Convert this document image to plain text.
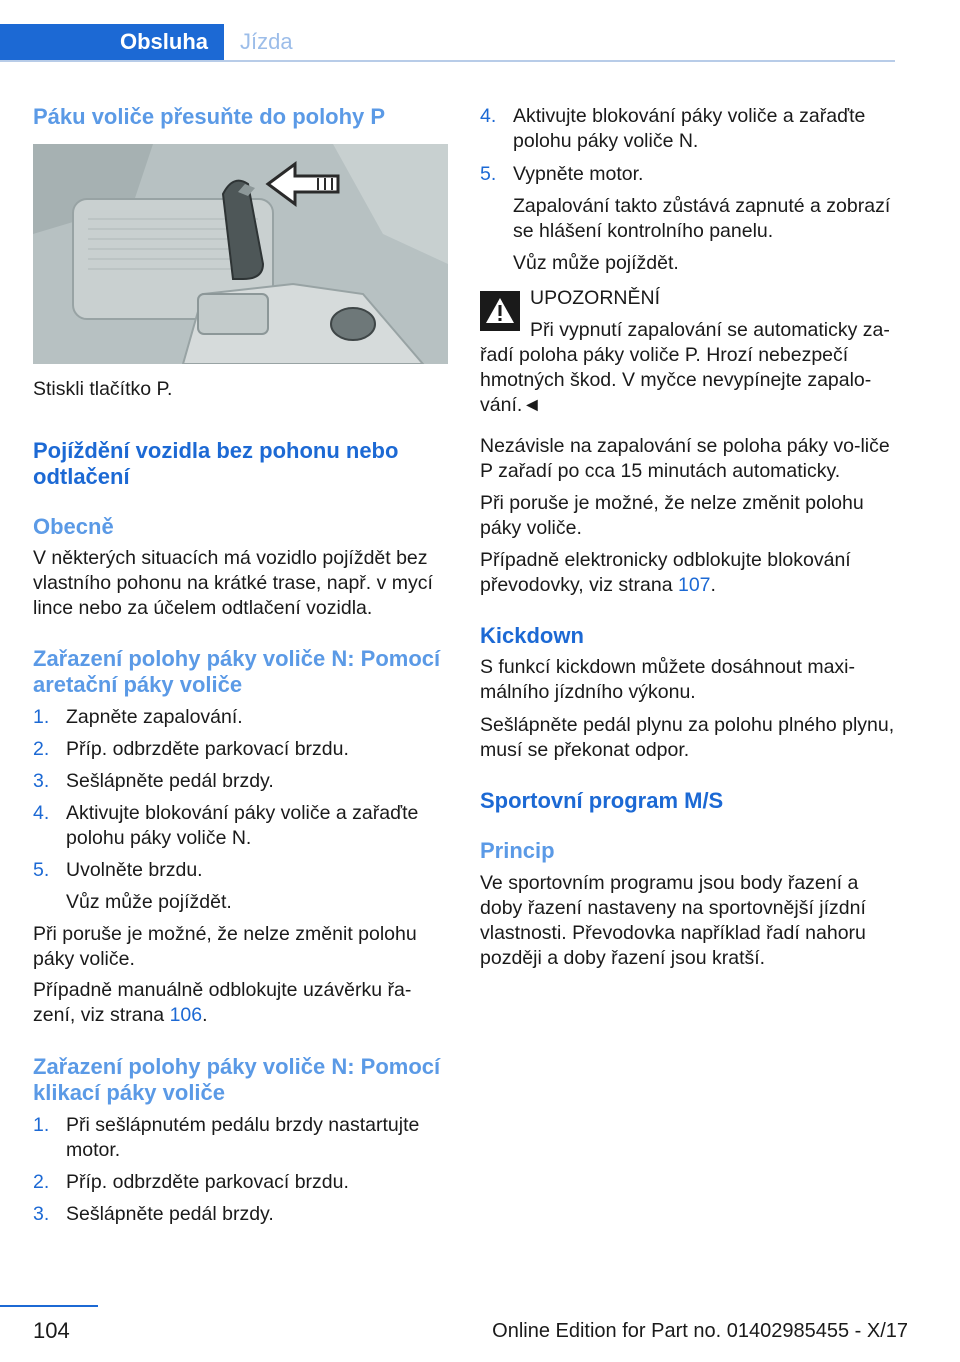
Obsluha	Jízda
Páku voliče přesuňte do polohy P
Stiskli tlačítko P.
Pojíždění vozidla bez pohonu nebo odtlačení
Obecně
V některých situacích má vozidlo pojíždět bez vlastního pohonu na krátké trase, např. v mycí lince nebo za účelem odtlačení vozidla.
Zařazení polohy páky voliče N: Pomocí aretační páky voliče
1. Zapněte zapalování.
2. Příp. odbrzděte parkovací brzdu.
3. Sešlápněte pedál brzdy.
4. Aktivujte blokování páky voliče a zařaďte polohu páky voliče N.
5. Uvolněte brzdu.
Vůz může pojíždět.
Při poruše je možné, že nelze změnit polohu páky voliče.
Případně manuálně odblokujte uzávěrku řa‐zení, viz strana 106.
Zařazení polohy páky voliče N: Pomocí klikací páky voliče
1. Při sešlápnutém pedálu brzdy nastartujte motor.
2. Příp. odbrzděte parkovací brzdu.
3. Sešlápněte pedál brzdy.
4. Aktivujte blokování páky voliče a zařaďte polohu páky voliče N.
5. Vypněte motor.
Zapalování takto zůstává zapnuté a zobrazí se hlášení kontrolního panelu.
Vůz může pojíždět.
UPOZORNĚNÍ
Při vypnutí zapalování se automaticky za‐
řadí poloha páky voliče P. Hrozí nebezpečí hmotných škod. V myčce nevypínejte zapalo‐vání.◄
Nezávisle na zapalování se poloha páky vo‐liče P zařadí po cca 15 minutách automaticky.
Při poruše je možné, že nelze změnit polohu páky voliče.
Případně elektronicky odblokujte blokování převodovky, viz strana 107.
Kickdown
S funkcí kickdown můžete dosáhnout maxi‐málního jízdního výkonu.
Sešlápněte pedál plynu za polohu plného plynu, musí se překonat odpor.
Sportovní program M/S
Princip
Ve sportovním programu jsou body řazení a doby řazení nastaveny na sportovnější jízdní vlastnosti. Převodovka například řadí nahoru později a doby řazení jsou kratší.
104	Online Edition for Part no. 01402985455 - X/17
